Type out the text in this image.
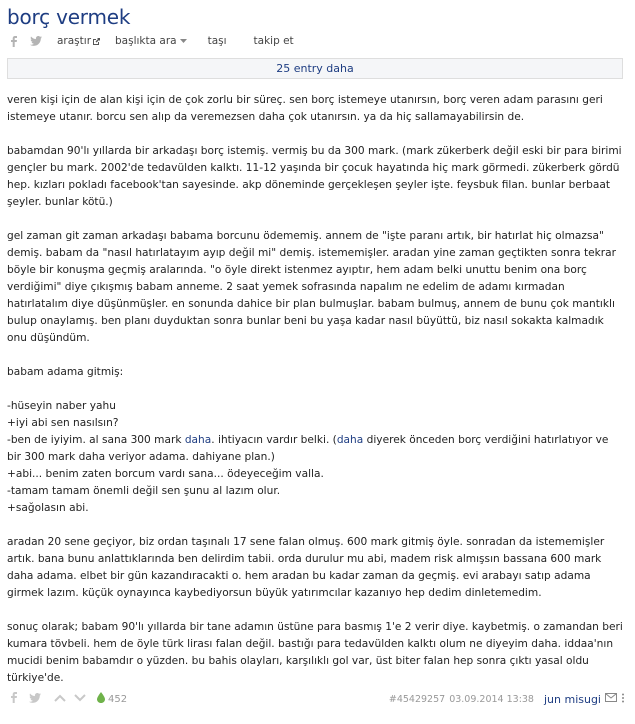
borç vermek
araştır başlıkta ara	taşı	takip et
25 entry daha

veren kişi için de alan kişi için de çok zorlu bir süreç. sen borç istemeye utanırsın, borç veren adam parasını geri istemeye utanır. borcu sen alıp da veremezsen daha çok utanırsın. ya da hiç sallamayabilirsin de.

babamdan 90'lı yıllarda bir arkadaşı borç istemiş. vermiş bu da 300 mark. (mark zükerberk değil eski bir para birimi gençler bu mark. 2002'de tedavülden kalktı. 11-12 yaşında bir çocuk hayatında hiç mark görmedi. zükerberk gördü hep. kızları pokladı facebook'tan sayesinde. akp döneminde gerçekleşen şeyler işte. feysbuk filan. bunlar berbaat şeyler. bunlar kötü.)

gel zaman git zaman arkadaşı babama borcunu ödememiş. annem de "işte paranı artık, bir hatırlat hiç olmazsa" demiş. babam da "nasıl hatırlatayım ayıp değil mi" demiş. istememişler. aradan yine zaman geçtikten sonra tekrar böyle bir konuşma geçmiş aralarında. "o öyle direkt istenmez ayıptır, hem adam belki unuttu benim ona borç verdiğimi" diye çıkışmış babam anneme. 2 saat yemek sofrasında napalım ne edelim de adamı kırmadan hatırlatalım diye düşünmüşler. en sonunda dahice bir plan bulmuşlar. babam bulmuş, annem de bunu çok mantıklı bulup onaylamış. ben planı duyduktan sonra bunlar beni bu yaşa kadar nasıl büyüttü, biz nasıl sokakta kalmadık onu düşündüm.

babam adama gitmiş:

-hüseyin naber yahu

+iyi abi sen nasılsın?

-ben de iyiyim. al sana 300 mark daha. ihtiyacın vardır belki. (daha diyerek önceden borç verdiğini hatırlatıyor ve bir 300 mark daha veriyor adama. dahiyane plan.)

+abi... benim zaten borcum vardı sana... ödeyeceğim valla.

-tamam tamam önemli değil sen şunu al lazım olur.

+sağolasın abi.

aradan 20 sene geçiyor, biz ordan taşınalı 17 sene falan olmuş. 600 mark gitmiş öyle. sonradan da istememişler artık. bana bunu anlattıklarında ben delirdim tabii. orda durulur mu abi, madem risk almışsın bassana 600 mark daha adama. elbet bir gün kazandıracakti o. hem aradan bu kadar zaman da geçmiş. evi arabayı satıp adama girmek lazım. küçük oynayınca kaybediyorsun büyük yatırımcılar kazanıyo hep dedim dinletemedim.

sonuç olarak; babam 90'lı yıllarda bir tane adamın üstüne para basmış 1'e 2 verir diye. kaybetmiş. o zamandan beri kumara tövbeli. hem de öyle türk lirası falan değil. bastığı para tedavülden kalktı olum ne diyeyim daha. iddaa'nın mucidi benim babamdır o yüzden. bu bahis olayları, karşılıklı gol var, üst biter falan hep sonra çıktı yasal oldu türkiye'de.

452	#45429257 03.09.2014 13:38 jun misugi
